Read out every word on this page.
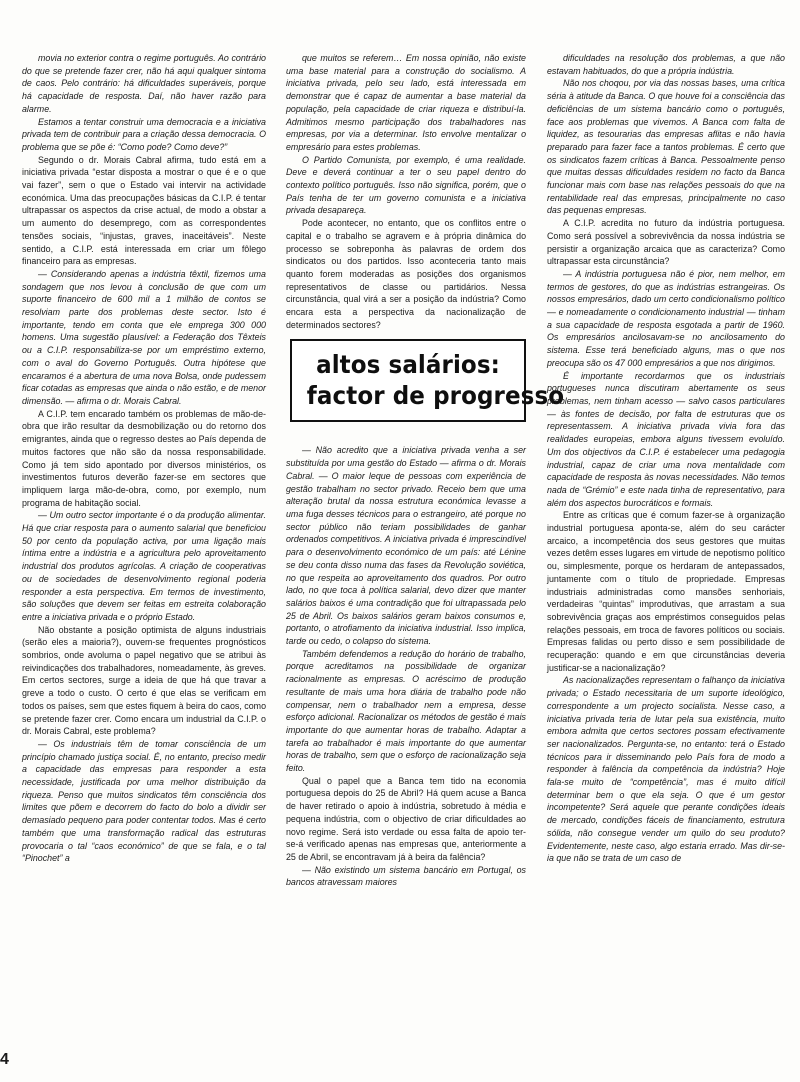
movia no exterior contra o regime português. Ao contrário do que se pretende fazer crer, não há aqui qualquer sintoma de caos. Pelo contrário: há dificuldades superáveis, porque há capacidade de resposta. Daí, não haver razão para alarme.

Estamos a tentar construir uma democracia e a iniciativa privada tem de contribuir para a criação dessa democracia. O problema que se põe é: “Como pode? Como deve?”

Segundo o dr. Morais Cabral afirma, tudo está em a iniciativa privada “estar disposta a mostrar o que é e o que vai fazer”, sem o que o Estado vai intervir na actividade económica. Uma das preocupações básicas da C.I.P. é tentar ultrapassar os aspectos da crise actual, de modo a obstar a um aumento do desemprego, com as correspondentes tensões sociais, “injustas, graves, inaceitáveis”. Neste sentido, a C.I.P. está interessada em criar um fôlego financeiro para as empresas.

— Considerando apenas a indústria têxtil, fizemos uma sondagem que nos levou à conclusão de que com um suporte financeiro de 600 mil a 1 milhão de contos se resolviam parte dos problemas deste sector. Isto é importante, tendo em conta que ele emprega 300 000 homens. Uma sugestão plausível: a Federação dos Têxteis ou a C.I.P. responsabiliza-se por um empréstimo externo, com o aval do Governo Português. Outra hipótese que encaramos é a abertura de uma nova Bolsa, onde pudessem ficar cotadas as empresas que ainda o não estão, e de menor dimensão. — afirma o dr. Morais Cabral.

A C.I.P. tem encarado também os problemas de mão-de-obra que irão resultar da desmobilização ou do retorno dos emigrantes, ainda que o regresso destes ao País dependa de muitos factores que não são da nossa responsabilidade. Como já tem sido apontado por diversos ministérios, os investimentos futuros deverão fazer-se em sectores que impliquem larga mão-de-obra, como, por exemplo, num programa de habitação social.

— Um outro sector importante é o da produção alimentar. Há que criar resposta para o aumento salarial que beneficiou 50 por cento da população activa, por uma ligação mais íntima entre a indústria e a agricultura pelo aproveitamento industrial dos produtos agrícolas. A criação de cooperativas ou de sociedades de desenvolvimento regional poderia responder a esta perspectiva. Em termos de investimento, são soluções que devem ser feitas em estreita colaboração entre a iniciativa privada e o próprio Estado.

Não obstante a posição optimista de alguns industriais (serão eles a maioria?), ouvem-se frequentes prognósticos sombrios, onde avoluma o papel negativo que se atribui às reivindicações dos trabalhadores, nomeadamente, às greves. Em certos sectores, surge a ideia de que há que travar a greve a todo o custo. O certo é que elas se verificam em todos os países, sem que estes fiquem à beira do caos, como se pretende fazer crer. Como encara um industrial da C.I.P. o dr. Morais Cabral, este problema?

— Os industriais têm de tomar consciência de um princípio chamado justiça social. É, no entanto, preciso medir a capacidade das empresas para responder a esta necessidade, justificada por uma melhor distribuição da riqueza. Penso que muitos sindicatos têm consciência dos limites que põem e decorrem do facto do bolo a dividir ser demasiado pequeno para poder contentar todos. Mas é certo também que uma transformação radical das estruturas provocaria o tal “caos económico” de que se fala, e o tal “Pinochet” a

que muitos se referem… Em nossa opinião, não existe uma base material para a construção do socialismo. A iniciativa privada, pelo seu lado, está interessada em demonstrar que é capaz de aumentar a base material da população, pela capacidade de criar riqueza e distribuí-la. Admitimos mesmo participação dos trabalhadores nas empresas, por via a determinar. Isto envolve mentalizar o empresário para estes problemas.

O Partido Comunista, por exemplo, é uma realidade. Deve e deverá continuar a ter o seu papel dentro do contexto político português. Isso não significa, porém, que o País tenha de ter um governo comunista e a iniciativa privada desapareça.

Pode acontecer, no entanto, que os conflitos entre o capital e o trabalho se agravem e à própria dinâmica do processo se sobreponha às palavras de ordem dos sindicatos ou dos partidos. Isso aconteceria tanto mais quanto forem moderadas as posições dos organismos representativos de classe ou partidários. Nessa circunstância, qual virá a ser a posição da indústria? Como encara esta a perspectiva da nacionalização de determinados sectores?

altos salários:
factor de progresso

— Não acredito que a iniciativa privada venha a ser substituída por uma gestão do Estado — afirma o dr. Morais Cabral. — O maior leque de pessoas com experiência de gestão trabalham no sector privado. Receio bem que uma alteração brutal da nossa estrutura económica levasse a uma fuga desses técnicos para o estrangeiro, até porque no sector público não teriam possibilidades de ganhar ordenados competitivos. A iniciativa privada é imprescindível para o desenvolvimento económico de um país: até Lénine se deu conta disso numa das fases da Revolução soviética, no que respeita ao aproveitamento dos quadros. Por outro lado, no que toca à política salarial, devo dizer que manter salários baixos é uma contradição que foi ultrapassada pelo 25 de Abril. Os baixos salários geram baixos consumos e, portanto, o atrofiamento da iniciativa industrial. Isso implica, tarde ou cedo, o colapso do sistema.

Também defendemos a redução do horário de trabalho, porque acreditamos na possibilidade de organizar racionalmente as empresas. O acréscimo de produção resultante de mais uma hora diária de trabalho pode não compensar, nem o trabalhador nem a empresa, desse esforço adicional. Racionalizar os métodos de gestão é mais importante do que aumentar horas de trabalho. Adaptar a tarefa ao trabalhador é mais importante do que aumentar horas de trabalho, sem que o esforço de racionalização seja feito.

Qual o papel que a Banca tem tido na economia portuguesa depois do 25 de Abril? Há quem acuse a Banca de haver retirado o apoio à indústria, sobretudo à média e pequena indústria, com o objectivo de criar dificuldades ao novo regime. Será isto verdade ou essa falta de apoio ter-se-á verificado apenas nas empresas que, anteriormente a 25 de Abril, se encontravam já à beira da falência?

— Não existindo um sistema bancário em Portugal, os bancos atravessam maiores

dificuldades na resolução dos problemas, a que não estavam habituados, do que a própria indústria.

Não nos choqou, por via das nossas bases, uma crítica séria à atitude da Banca. O que houve foi a consciência das deficiências de um sistema bancário como o português, face aos problemas que vivemos. A Banca com falta de liquidez, as tesourarias das empresas aflitas e não havia preparado para fazer face a tantos problemas. É certo que os sindicatos fazem críticas à Banca. Pessoalmente penso que muitas dessas dificuldades residem no facto da Banca funcionar mais com base nas relações pessoais do que na rentabilidade real das empresas, principalmente no caso das pequenas empresas.

A C.I.P. acredita no futuro da indústria portuguesa. Como será possível a sobrevivência da nossa indústria se persistir a organização arcaica que as caracteriza? Como ultrapassar esta circunstância?

— A indústria portuguesa não é pior, nem melhor, em termos de gestores, do que as indústrias estrangeiras. Os nossos empresários, dado um certo condicionalismo político — e nomeadamente o condicionamento industrial — tinham a sua capacidade de resposta esgotada a partir de 1960. Os empresários ancilosavam-se no ancilosamento do sistema. Esse terá beneficiado alguns, mas o que nos preocupa são os 47 000 empresários a que nos dirigimos.

É importante recordarmos que os industriais portugueses nunca discutiram abertamente os seus problemas, nem tinham acesso — salvo casos particulares — às fontes de decisão, por falta de estruturas que os representassem. A iniciativa privada vivia fora das realidades europeias, embora alguns tivessem evoluído. Um dos objectivos da C.I.P. é estabelecer uma pedagogia industrial, capaz de criar uma nova mentalidade com capacidade de resposta às novas necessidades. Não temos nada de “Grémio” e este nada tinha de representativo, para além dos aspectos burocráticos e formais.

Entre as críticas que é comum fazer-se à organização industrial portuguesa aponta-se, além do seu carácter arcaico, a incompetência dos seus gestores que muitas vezes detêm esses lugares em virtude de nepotismo político ou, simplesmente, porque os herdaram de antepassados, juntamente com o título de propriedade. Empresas industriais administradas como mansões senhoriais, verdadeiras “quintas” improdutivas, que arrastam a sua sobrevivência graças aos empréstimos conseguidos pelas relações pessoais, em troca de favores políticos ou sociais. Empresas falidas ou perto disso e sem possibilidade de recuperação: quando e em que circunstâncias deveria justificar-se a nacionalização?

As nacionalizações representam o falhanço da iniciativa privada; o Estado necessitaria de um suporte ideológico, correspondente a um projecto socialista. Nesse caso, a iniciativa privada teria de lutar pela sua existência, muito embora admita que certos sectores possam efectivamente ser nacionalizados. Pergunta-se, no entanto: terá o Estado técnicos para ir disseminando pelo País fora de modo a responder à falência da competência da indústria? Hoje fala-se muito de “competência”, mas é muito difícil determinar bem o que ela seja. O que é um gestor incompetente? Será aquele que perante condições ideais de mercado, condições fáceis de financiamento, estrutura sólida, não consegue vender um quilo do seu produto? Evidentemente, neste caso, algo estaria errado. Mas dir-se-ia que não se trata de um caso de

4
